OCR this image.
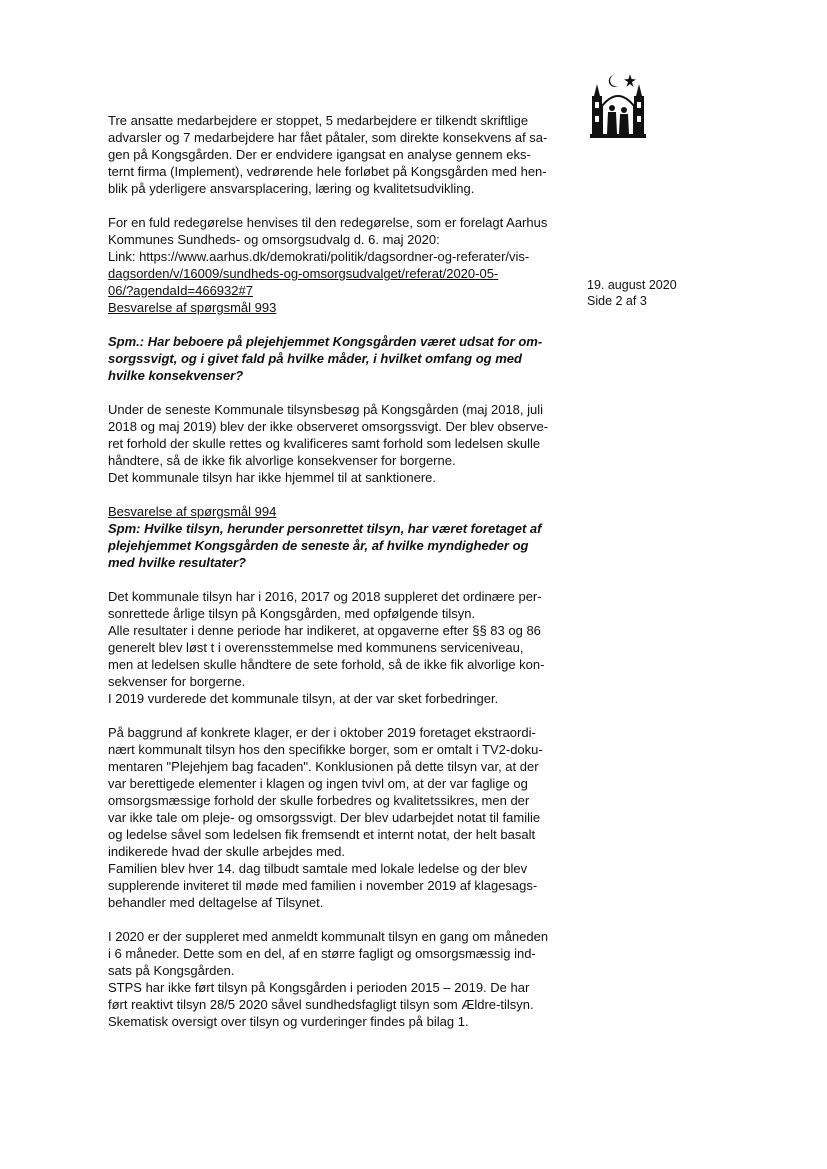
19. august 2020
Side 2 af 3

Tre ansatte medarbejdere er stoppet, 5 medarbejdere er tilkendt skriftlige
advarsler og 7 medarbejdere har fået påtaler, som direkte konsekvens af sa-
gen på Kongsgården. Der er endvidere igangsat en analyse gennem eks-
ternt firma (Implement), vedrørende hele forløbet på Kongsgården med hen-
blik på yderligere ansvarsplacering, læring og kvalitetsudvikling.

For en fuld redegørelse henvises til den redegørelse, som er forelagt Aarhus
Kommunes Sundheds- og omsorgsudvalg d. 6. maj 2020:
Link: https://www.aarhus.dk/demokrati/politik/dagsordner-og-referater/vis-
dagsorden/v/16009/sundheds-og-omsorgsudvalget/referat/2020-05-
06/?agendaId=466932#7
Besvarelse af spørgsmål 993

Spm.: Har beboere på plejehjemmet Kongsgården været udsat for om-
sorgssvigt, og i givet fald på hvilke måder, i hvilket omfang og med
hvilke konsekvenser?

Under de seneste Kommunale tilsynsbesøg på Kongsgården (maj 2018, juli
2018 og maj 2019) blev der ikke observeret omsorgssvigt. Der blev observe-
ret forhold der skulle rettes og kvalificeres samt forhold som ledelsen skulle
håndtere, så de ikke fik alvorlige konsekvenser for borgerne.
Det kommunale tilsyn har ikke hjemmel til at sanktionere.

Besvarelse af spørgsmål 994
Spm: Hvilke tilsyn, herunder personrettet tilsyn, har været foretaget af
plejehjemmet Kongsgården de seneste år, af hvilke myndigheder og
med hvilke resultater?

Det kommunale tilsyn har i 2016, 2017 og 2018 suppleret det ordinære per-
sonrettede årlige tilsyn på Kongsgården, med opfølgende tilsyn.
Alle resultater i denne periode har indikeret, at opgaverne efter §§ 83 og 86
generelt blev løst t i overensstemmelse med kommunens serviceniveau,
men at ledelsen skulle håndtere de sete forhold, så de ikke fik alvorlige kon-
sekvenser for borgerne.
I 2019 vurderede det kommunale tilsyn, at der var sket forbedringer.

På baggrund af konkrete klager, er der i oktober 2019 foretaget ekstraordi-
nært kommunalt tilsyn hos den specifikke borger, som er omtalt i TV2-doku-
mentaren "Plejehjem bag facaden". Konklusionen på dette tilsyn var, at der
var berettigede elementer i klagen og ingen tvivl om, at der var faglige og
omsorgsmæssige forhold der skulle forbedres og kvalitetssikres, men der
var ikke tale om pleje- og omsorgssvigt. Der blev udarbejdet notat til familie
og ledelse såvel som ledelsen fik fremsendt et internt notat, der helt basalt
indikerede hvad der skulle arbejdes med.
Familien blev hver 14. dag tilbudt samtale med lokale ledelse og der blev
supplerende inviteret til møde med familien i november 2019 af klagesags-
behandler med deltagelse af Tilsynet.

I 2020 er der suppleret med anmeldt kommunalt tilsyn en gang om måneden
i 6 måneder. Dette som en del, af en større fagligt og omsorgsmæssig ind-
sats på Kongsgården.
STPS har ikke ført tilsyn på Kongsgården i perioden 2015 – 2019. De har
ført reaktivt tilsyn 28/5 2020 såvel sundhedsfagligt tilsyn som Ældre-tilsyn.
Skematisk oversigt over tilsyn og vurderinger findes på bilag 1.
